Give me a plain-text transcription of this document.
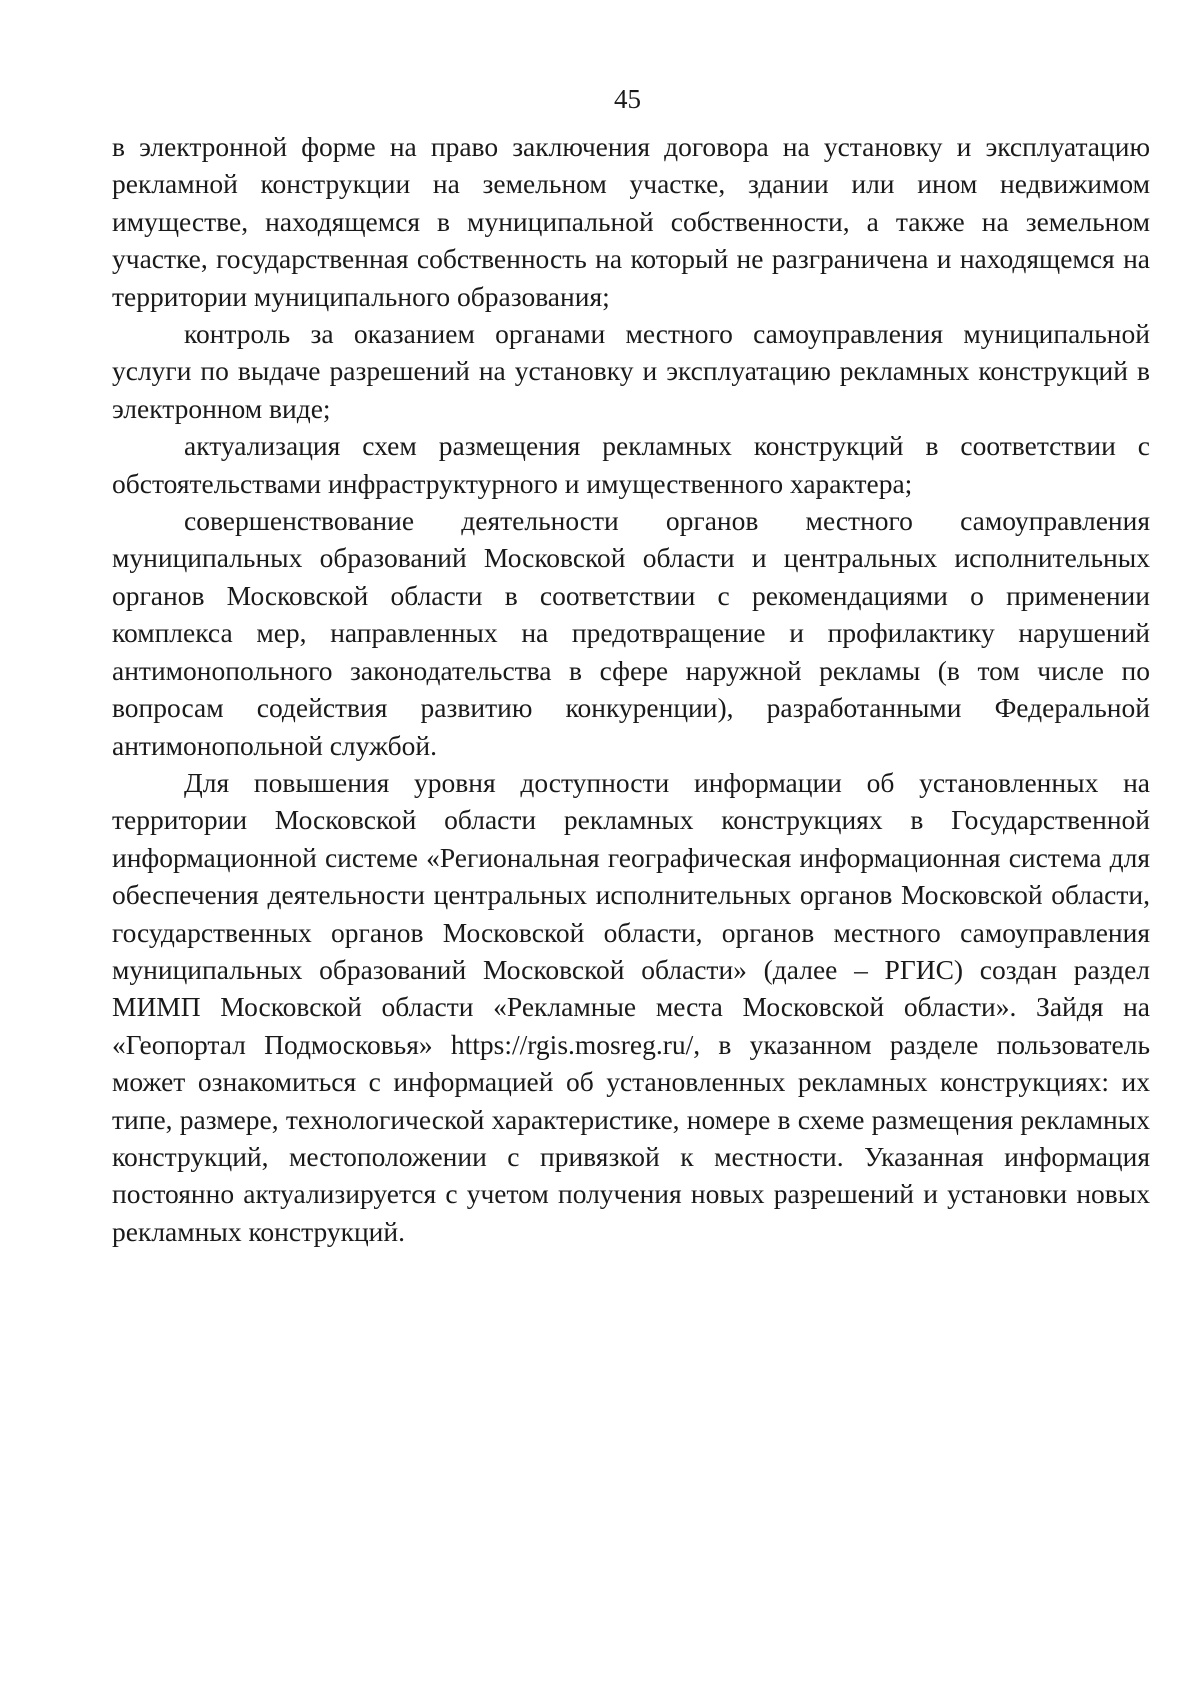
45

в электронной форме на право заключения договора на установку и эксплуатацию рекламной конструкции на земельном участке, здании или ином недвижимом имуществе, находящемся в муниципальной собственности, а также на земельном участке, государственная собственность на который не разграничена и находящемся на территории муниципального образования;

контроль за оказанием органами местного самоуправления муниципальной услуги по выдаче разрешений на установку и эксплуатацию рекламных конструкций в электронном виде;

актуализация схем размещения рекламных конструкций в соответствии с обстоятельствами инфраструктурного и имущественного характера;

совершенствование деятельности органов местного самоуправления муниципальных образований Московской области и центральных исполнительных органов Московской области в соответствии с рекомендациями о применении комплекса мер, направленных на предотвращение и профилактику нарушений антимонопольного законодательства в сфере наружной рекламы (в том числе по вопросам содействия развитию конкуренции), разработанными Федеральной антимонопольной службой.

Для повышения уровня доступности информации об установленных на территории Московской области рекламных конструкциях в Государственной информационной системе «Региональная географическая информационная система для обеспечения деятельности центральных исполнительных органов Московской области, государственных органов Московской области, органов местного самоуправления муниципальных образований Московской области» (далее – РГИС) создан раздел МИМП Московской области «Рекламные места Московской области». Зайдя на «Геопортал Подмосковья» https://rgis.mosreg.ru/, в указанном разделе пользователь может ознакомиться с информацией об установленных рекламных конструкциях: их типе, размере, технологической характеристике, номере в схеме размещения рекламных конструкций, местоположении с привязкой к местности. Указанная информация постоянно актуализируется с учетом получения новых разрешений и установки новых рекламных конструкций.
